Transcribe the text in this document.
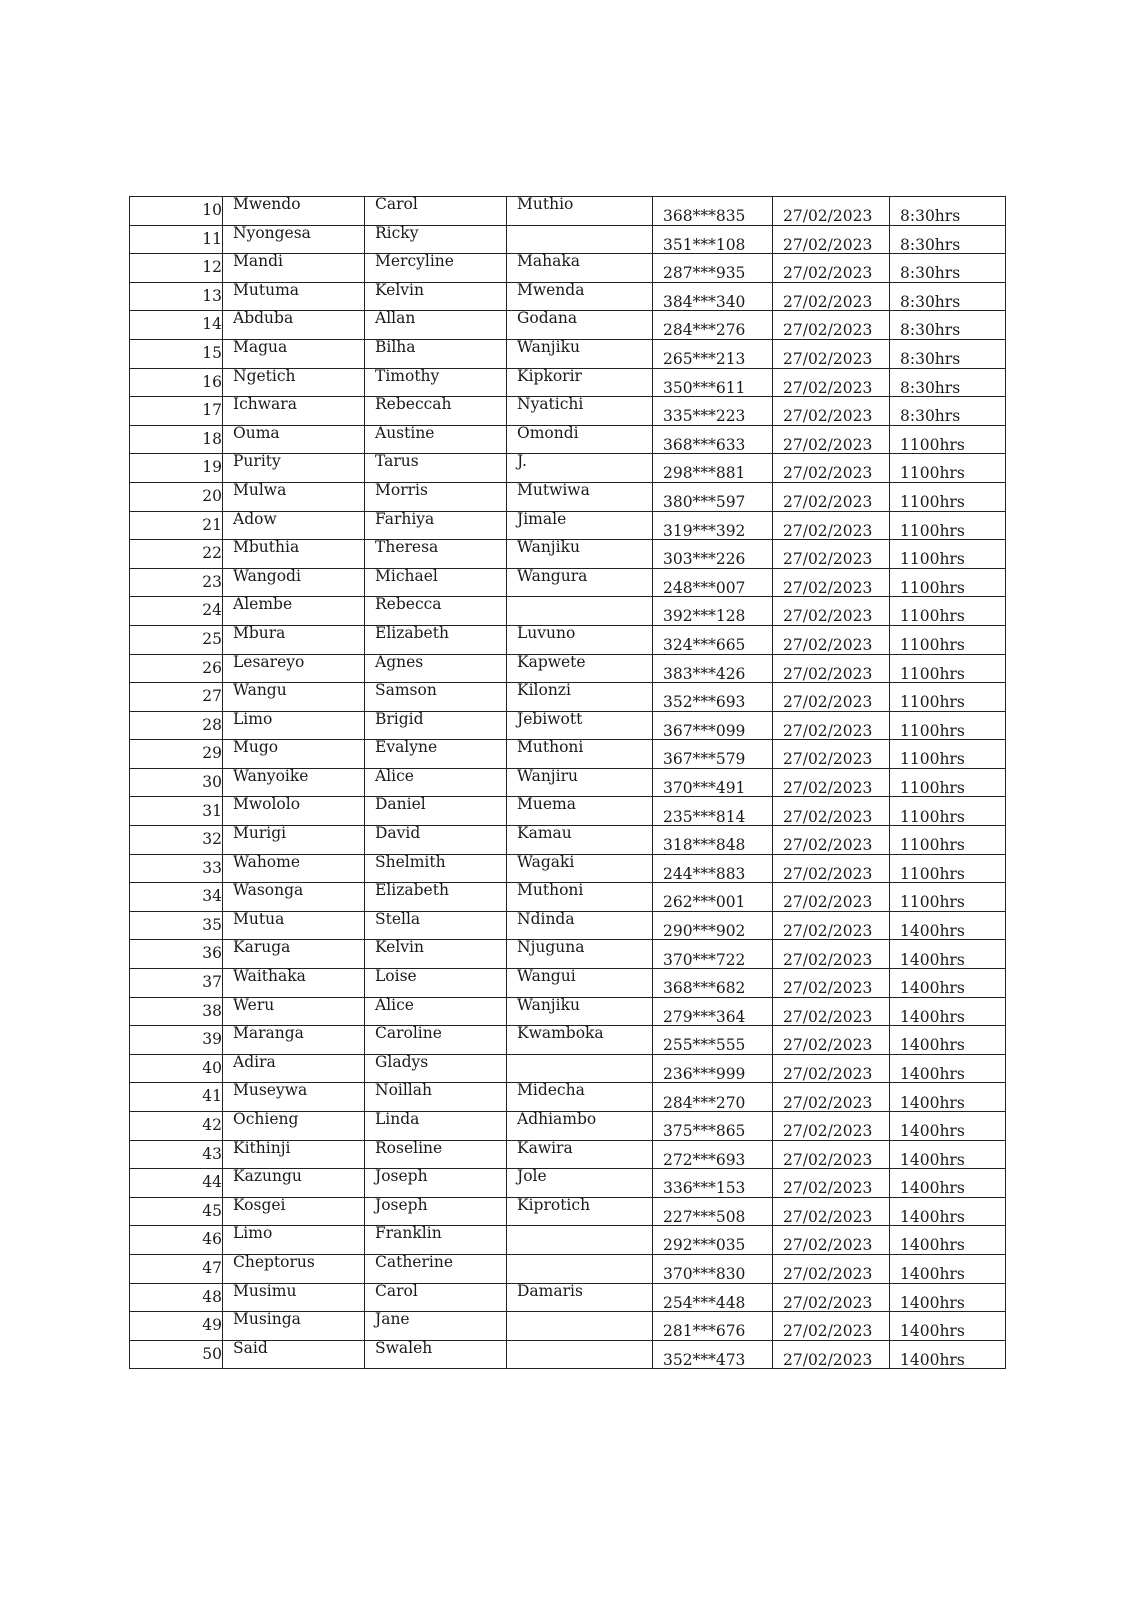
10	Mwendo	Carol	Muthio	368***835	27/02/2023	8:30hrs
11	Nyongesa	Ricky		351***108	27/02/2023	8:30hrs
12	Mandi	Mercyline	Mahaka	287***935	27/02/2023	8:30hrs
13	Mutuma	Kelvin	Mwenda	384***340	27/02/2023	8:30hrs
14	Abduba	Allan	Godana	284***276	27/02/2023	8:30hrs
15	Magua	Bilha	Wanjiku	265***213	27/02/2023	8:30hrs
16	Ngetich	Timothy	Kipkorir	350***611	27/02/2023	8:30hrs
17	Ichwara	Rebeccah	Nyatichi	335***223	27/02/2023	8:30hrs
18	Ouma	Austine	Omondi	368***633	27/02/2023	1100hrs
19	Purity	Tarus	J.	298***881	27/02/2023	1100hrs
20	Mulwa	Morris	Mutwiwa	380***597	27/02/2023	1100hrs
21	Adow	Farhiya	Jimale	319***392	27/02/2023	1100hrs
22	Mbuthia	Theresa	Wanjiku	303***226	27/02/2023	1100hrs
23	Wangodi	Michael	Wangura	248***007	27/02/2023	1100hrs
24	Alembe	Rebecca		392***128	27/02/2023	1100hrs
25	Mbura	Elizabeth	Luvuno	324***665	27/02/2023	1100hrs
26	Lesareyo	Agnes	Kapwete	383***426	27/02/2023	1100hrs
27	Wangu	Samson	Kilonzi	352***693	27/02/2023	1100hrs
28	Limo	Brigid	Jebiwott	367***099	27/02/2023	1100hrs
29	Mugo	Evalyne	Muthoni	367***579	27/02/2023	1100hrs
30	Wanyoike	Alice	Wanjiru	370***491	27/02/2023	1100hrs
31	Mwololo	Daniel	Muema	235***814	27/02/2023	1100hrs
32	Murigi	David	Kamau	318***848	27/02/2023	1100hrs
33	Wahome	Shelmith	Wagaki	244***883	27/02/2023	1100hrs
34	Wasonga	Elizabeth	Muthoni	262***001	27/02/2023	1100hrs
35	Mutua	Stella	Ndinda	290***902	27/02/2023	1400hrs
36	Karuga	Kelvin	Njuguna	370***722	27/02/2023	1400hrs
37	Waithaka	Loise	Wangui	368***682	27/02/2023	1400hrs
38	Weru	Alice	Wanjiku	279***364	27/02/2023	1400hrs
39	Maranga	Caroline	Kwamboka	255***555	27/02/2023	1400hrs
40	Adira	Gladys		236***999	27/02/2023	1400hrs
41	Museywa	Noillah	Midecha	284***270	27/02/2023	1400hrs
42	Ochieng	Linda	Adhiambo	375***865	27/02/2023	1400hrs
43	Kithinji	Roseline	Kawira	272***693	27/02/2023	1400hrs
44	Kazungu	Joseph	Jole	336***153	27/02/2023	1400hrs
45	Kosgei	Joseph	Kiprotich	227***508	27/02/2023	1400hrs
46	Limo	Franklin		292***035	27/02/2023	1400hrs
47	Cheptorus	Catherine		370***830	27/02/2023	1400hrs
48	Musimu	Carol	Damaris	254***448	27/02/2023	1400hrs
49	Musinga	Jane		281***676	27/02/2023	1400hrs
50	Said	Swaleh		352***473	27/02/2023	1400hrs
